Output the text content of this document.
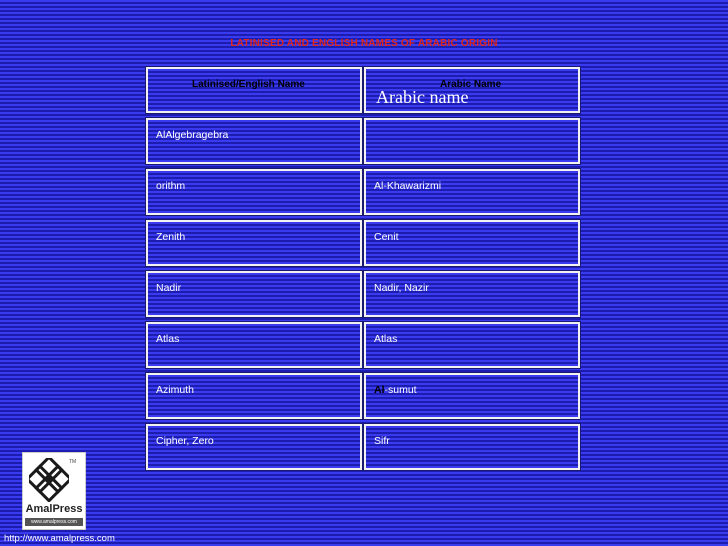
LATINISED AND ENGLISH NAMES OF ARABIC ORIGIN
Latinised/English Name	Arabic Name
Arabic name
AlAlgebragebra
orithm	Al-Khawarizmi
Zenith	Cenit
Nadir	Nadir, Nazir
Atlas	Atlas
Azimuth	Al-sumut
Cipher, Zero	Sifr
TM
AmalPress
www.amalpress.com
http://www.amalpress.com
